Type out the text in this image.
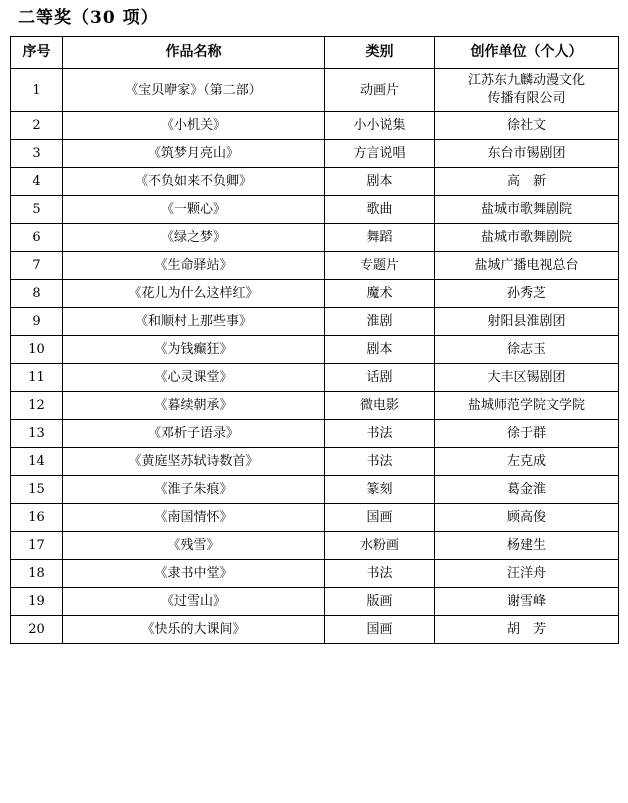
二等奖（30 项）
序号	作品名称	类别	创作单位（个人）
1	《宝贝咿家》（第二部）	动画片	江苏东九麟动漫文化
传播有限公司
2	《小机关》	小小说集	徐社文
3	《筑梦月亮山》	方言说唱	东台市锡剧团
4	《不负如来不负卿》	剧本	高　新
5	《一颗心》	歌曲	盐城市歌舞剧院
6	《绿之梦》	舞蹈	盐城市歌舞剧院
7	《生命驿站》	专题片	盐城广播电视总台
8	《花儿为什么这样红》	魔术	孙秀芝
9	《和顺村上那些事》	淮剧	射阳县淮剧团
10	《为钱癫狂》	剧本	徐志玉
11	《心灵课堂》	话剧	大丰区锡剧团
12	《暮续朝承》	微电影	盐城师范学院文学院
13	《邓析子语录》	书法	徐于群
14	《黄庭坚苏轼诗数首》	书法	左克成
15	《淮子朱痕》	篆刻	葛金淮
16	《南国情怀》	国画	顾高俊
17	《残雪》	水粉画	杨建生
18	《隶书中堂》	书法	汪洋舟
19	《过雪山》	版画	谢雪峰
20	《快乐的大课间》	国画	胡　芳
